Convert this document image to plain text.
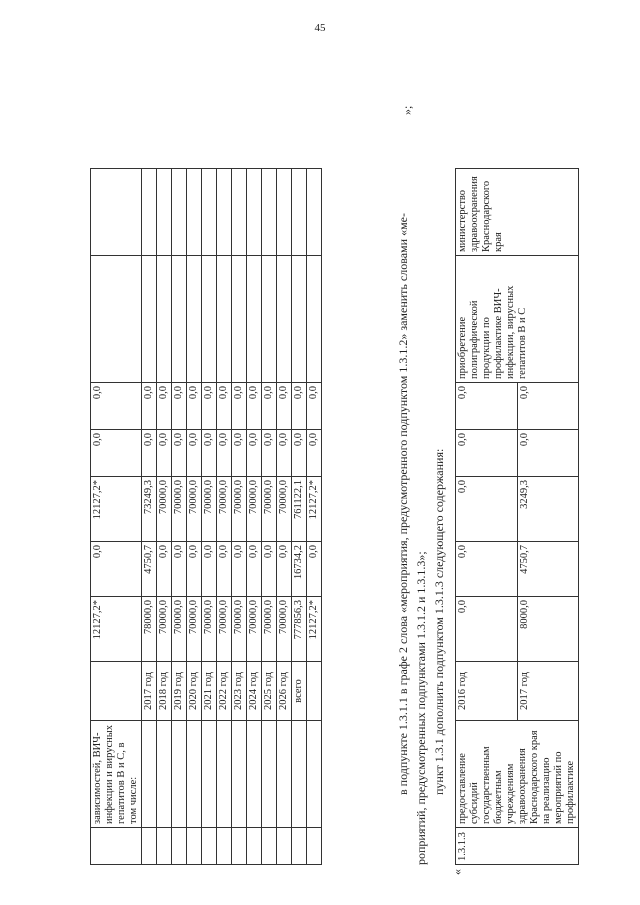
45
	зависимостей, ВИЧ-инфекции и вирусных гепатитов В и С, в том числе:		12127,2*	0,0	12127,2*	0,0	0,0		
		2017 год	78000,0	4750,7	73249,3	0,0	0,0		
		2018 год	70000,0	0,0	70000,0	0,0	0,0		
		2019 год	70000,0	0,0	70000,0	0,0	0,0		
		2020 год	70000,0	0,0	70000,0	0,0	0,0		
		2021 год	70000,0	0,0	70000,0	0,0	0,0		
		2022 год	70000,0	0,0	70000,0	0,0	0,0		
		2023 год	70000,0	0,0	70000,0	0,0	0,0		
		2024 год	70000,0	0,0	70000,0	0,0	0,0		
		2025 год	70000,0	0,0	70000,0	0,0	0,0		
		2026 год	70000,0	0,0	70000,0	0,0	0,0		
		всего	777856,3	16734,2	761122,1	0,0	0,0		
			12127,2*	0,0	12127,2*	0,0	0,0		
»;
в подпункте 1.3.1.1 в графе 2 слова «мероприятия, предусмотренного подпунктом 1.3.1.2» заменить словами «ме- роприятий, предусмотренных подпунктами 1.3.1.2 и 1.3.1.3»; пункт 1.3.1 дополнить подпунктом 1.3.1.3 следующего содержания:
«
1.3.1.3	предоставление субсидий государственным бюджетным учреждениям здравоохранения Краснодарского края на реализацию мероприятий по профилактике	2016 год	0,0	0,0	0,0	0,0	0,0	приобретение полиграфической продукции по профилактике ВИЧ-инфекции, вирусных гепатитов В и С	министерство здравоохранения Краснодарского края
		2017 год	8000,0	4750,7	3249,3	0,0	0,0		
